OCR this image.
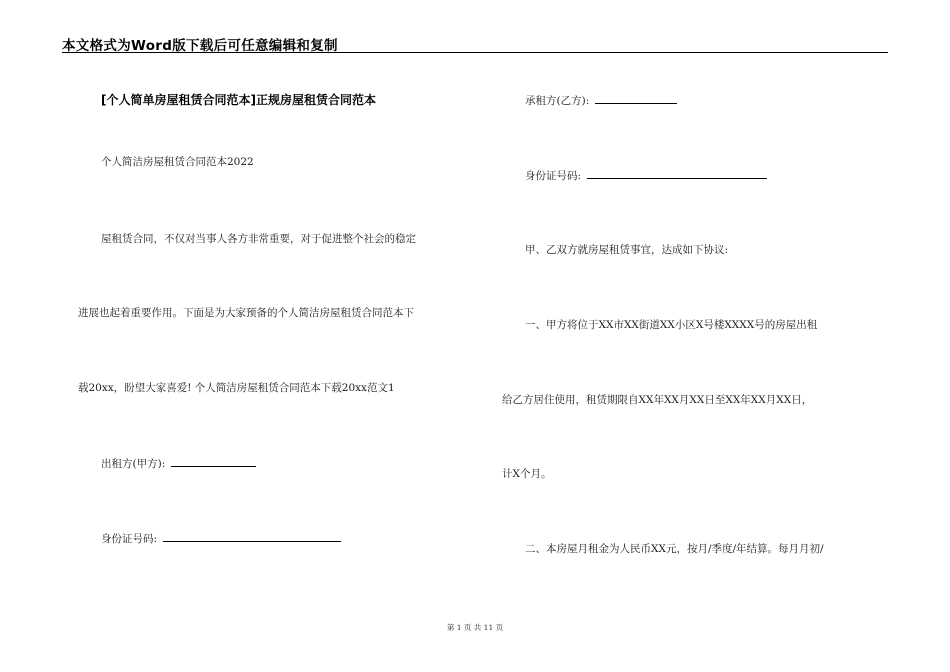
本文格式为Word版下载后可任意编辑和复制
[个人简单房屋租赁合同范本]正规房屋租赁合同范本
个人简洁房屋租赁合同范本2022
屋租赁合同，不仅对当事人各方非常重要，对于促进整个社会的稳定
进展也起着重要作用。下面是为大家预备的个人简洁房屋租赁合同范本下
载20xx，盼望大家喜爱! 个人简洁房屋租赁合同范本下载20xx范文1
出租方(甲方):
身份证号码:
承租方(乙方):
身份证号码:
甲、乙双方就房屋租赁事宜，达成如下协议:
一、甲方将位于XX市XX街道XX小区X号楼XXXX号的房屋出租
给乙方居住使用，租赁期限自XX年XX月XX日至XX年XX月XX日，
计X个月。
二、本房屋月租金为人民币XX元，按月/季度/年结算。每月月初/
第 1 页 共 11 页
